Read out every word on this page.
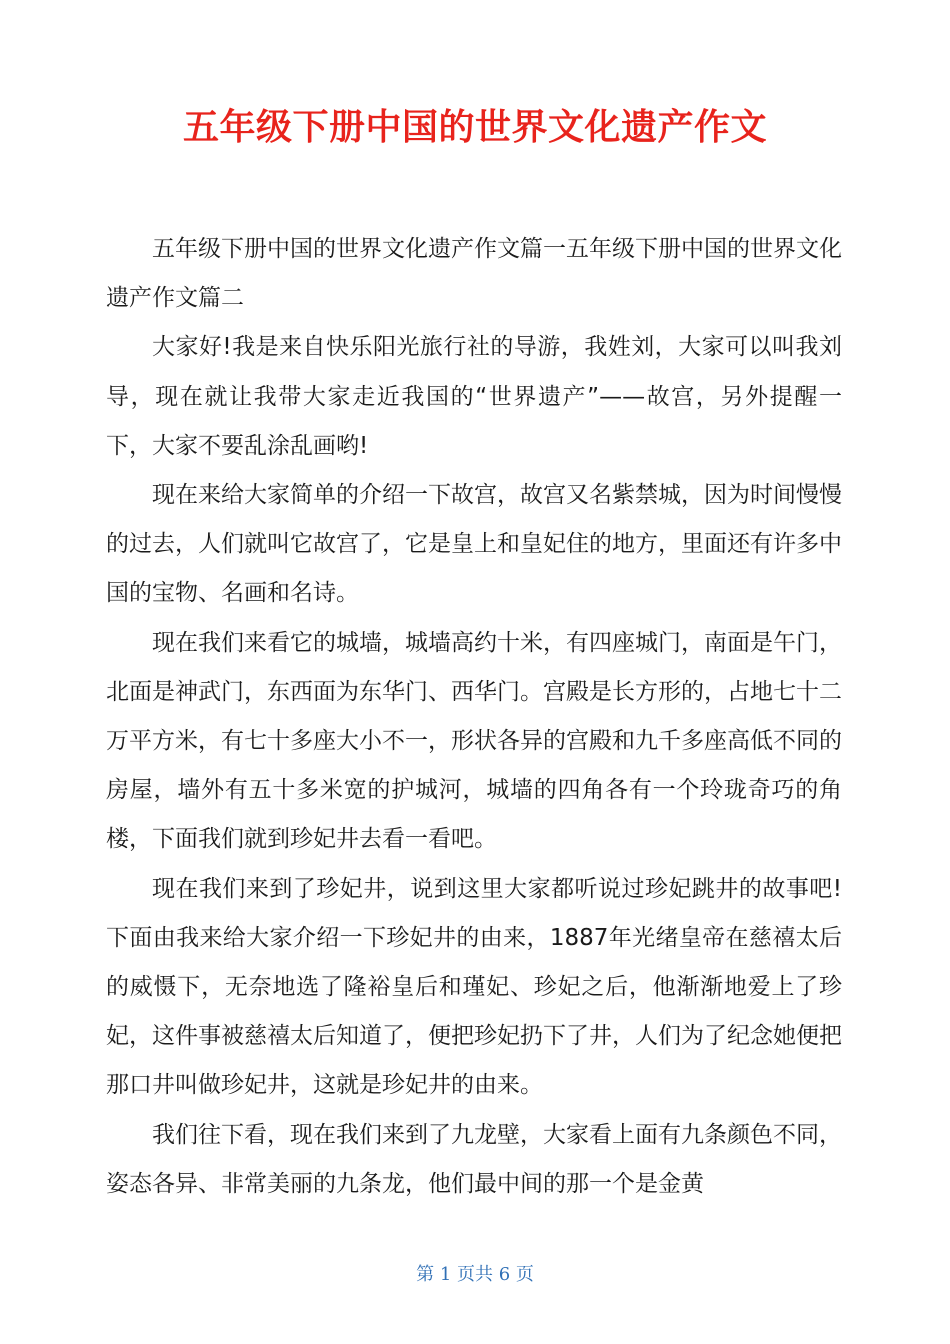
五年级下册中国的世界文化遗产作文

五年级下册中国的世界文化遗产作文篇一五年级下册中国的世界文化遗产作文篇二

大家好!我是来自快乐阳光旅行社的导游，我姓刘，大家可以叫我刘导，现在就让我带大家走近我国的“世界遗产”——故宫，另外提醒一下，大家不要乱涂乱画哟!

现在来给大家简单的介绍一下故宫，故宫又名紫禁城，因为时间慢慢的过去，人们就叫它故宫了，它是皇上和皇妃住的地方，里面还有许多中国的宝物、名画和名诗。

现在我们来看它的城墙，城墙高约十米，有四座城门，南面是午门，北面是神武门，东西面为东华门、西华门。宫殿是长方形的，占地七十二万平方米，有七十多座大小不一，形状各异的宫殿和九千多座高低不同的房屋，墙外有五十多米宽的护城河，城墙的四角各有一个玲珑奇巧的角楼，下面我们就到珍妃井去看一看吧。

现在我们来到了珍妃井，说到这里大家都听说过珍妃跳井的故事吧!下面由我来给大家介绍一下珍妃井的由来，1887年光绪皇帝在慈禧太后的威慑下，无奈地选了隆裕皇后和瑾妃、珍妃之后，他渐渐地爱上了珍妃，这件事被慈禧太后知道了，便把珍妃扔下了井，人们为了纪念她便把那口井叫做珍妃井，这就是珍妃井的由来。

我们往下看，现在我们来到了九龙壁，大家看上面有九条颜色不同，姿态各异、非常美丽的九条龙，他们最中间的那一个是金黄

第 1 页共 6 页
